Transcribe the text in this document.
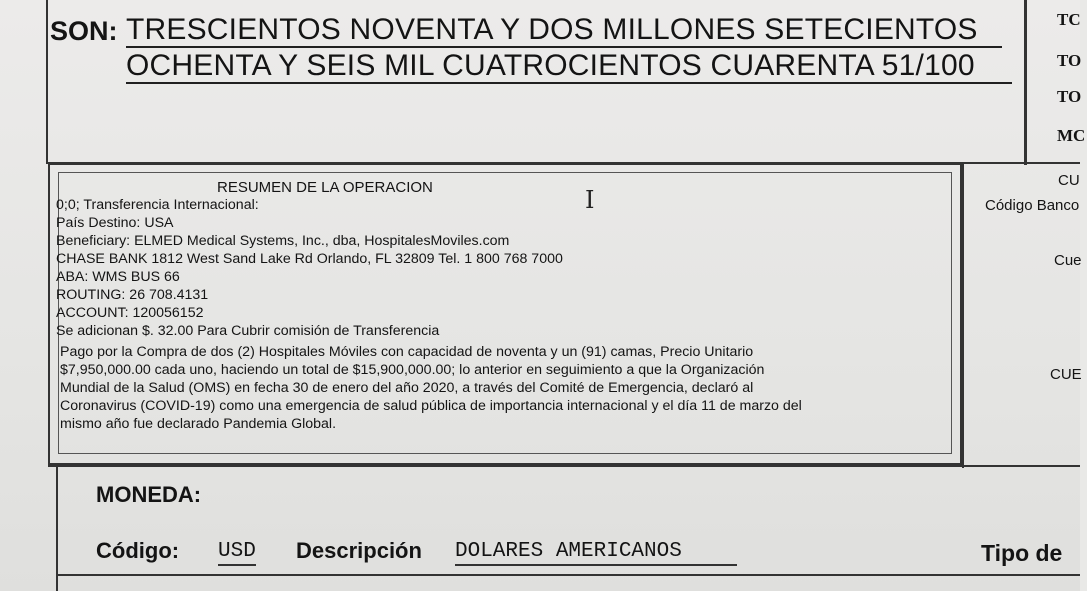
SON: TRESCIENTOS NOVENTA Y DOS MILLONES SETECIENTOS
OCHENTA Y SEIS MIL CUATROCIENTOS CUARENTA 51/100
TC
TO
TO
MC
RESUMEN DE LA OPERACION	I
0;0; Transferencia Internacional:
País Destino: USA
Beneficiary: ELMED Medical Systems, Inc., dba, HospitalesMoviles.com
CHASE BANK 1812 West Sand Lake Rd Orlando, FL 32809 Tel. 1 800 768 7000
ABA: WMS BUS 66
ROUTING: 26 708.4131
ACCOUNT: 120056152
Se adicionan $. 32.00 Para Cubrir comisión de Transferencia
Pago por la Compra de dos (2) Hospitales Móviles con capacidad de noventa y un (91) camas, Precio Unitario
$7,950,000.00 cada uno, haciendo un total de $15,900,000.00; lo anterior en seguimiento a que la Organización
Mundial de la Salud (OMS) en fecha 30 de enero del año 2020, a través del Comité de Emergencia, declaró al
Coronavirus (COVID-19) como una emergencia de salud pública de importancia internacional y el día 11 de marzo del
mismo año fue declarado Pandemia Global.
CU
Código Banco
Cue
CUE
MONEDA:
Código: USD Descripción DOLARES AMERICANOS	Tipo de
